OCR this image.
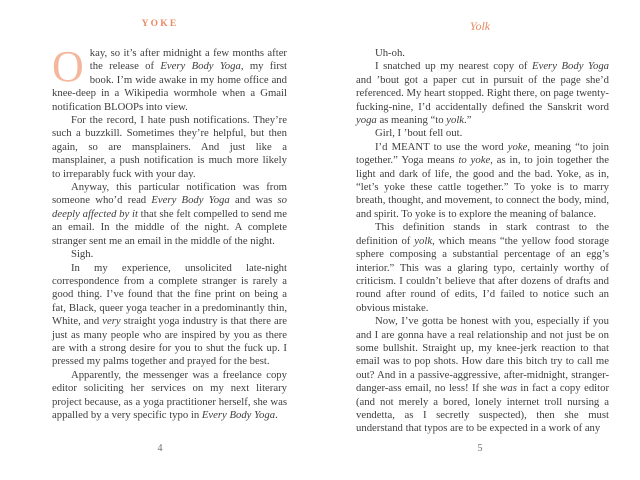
YOKE

Okay, so it’s after midnight a few months after the release of Every Body Yoga, my first book. I’m wide awake in my home office and knee-deep in a Wikipedia wormhole when a Gmail notification BLOOPs into view.

For the record, I hate push notifications. They’re such a buzzkill. Sometimes they’re helpful, but then again, so are mansplainers. And just like a mansplainer, a push notification is much more likely to irreparably fuck with your day.

Anyway, this particular notification was from someone who’d read Every Body Yoga and was so deeply affected by it that she felt compelled to send me an email. In the middle of the night. A complete stranger sent me an email in the middle of the night.

Sigh.

In my experience, unsolicited late-night correspondence from a complete stranger is rarely a good thing. I’ve found that the fine print on being a fat, Black, queer yoga teacher in a predominantly thin, White, and very straight yoga industry is that there are just as many people who are inspired by you as there are with a strong desire for you to shut the fuck up. I pressed my palms together and prayed for the best.

Apparently, the messenger was a freelance copy editor soliciting her services on my next literary project because, as a yoga practitioner herself, she was appalled by a very specific typo in Every Body Yoga.

4
Yolk

Uh-oh.

I snatched up my nearest copy of Every Body Yoga and ’bout got a paper cut in pursuit of the page she’d referenced. My heart stopped. Right there, on page twenty-fucking-nine, I’d accidentally defined the Sanskrit word yoga as meaning “to yolk.”

Girl, I ’bout fell out.

I’d MEANT to use the word yoke, meaning “to join together.” Yoga means to yoke, as in, to join together the light and dark of life, the good and the bad. Yoke, as in, “let’s yoke these cattle together.” To yoke is to marry breath, thought, and movement, to connect the body, mind, and spirit. To yoke is to explore the meaning of balance.

This definition stands in stark contrast to the definition of yolk, which means “the yellow food storage sphere composing a substantial percentage of an egg’s interior.” This was a glaring typo, certainly worthy of criticism. I couldn’t believe that after dozens of drafts and round after round of edits, I’d failed to notice such an obvious mistake.

Now, I’ve gotta be honest with you, especially if you and I are gonna have a real relationship and not just be on some bullshit. Straight up, my knee-jerk reaction to that email was to pop shots. How dare this bitch try to call me out? And in a passive-aggressive, after-midnight, stranger-danger-ass email, no less! If she was in fact a copy editor (and not merely a bored, lonely internet troll nursing a vendetta, as I secretly suspected), then she must understand that typos are to be expected in a work of any

5
